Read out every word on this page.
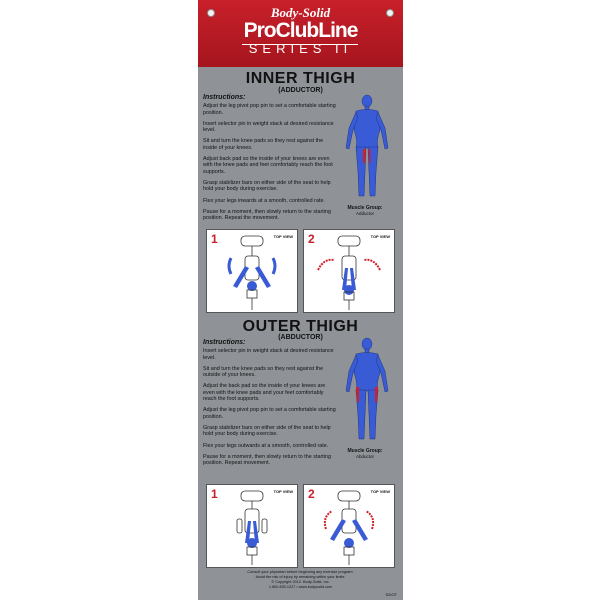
Body-Solid
ProClubLine
SERIES II
INNER THIGH
(ADDUCTOR)
Instructions:

Adjust the leg pivot pop pin to set a comfortable starting position.

Insert selector pin in weight stack at desired resistance level.

Sit and turn the knee pads so they rest against the inside of your knees.

Adjust back pad so the inside of your knees are even with the knee pads and feet comfortably reach the foot supports.

Grasp stabilizer bars on either side of the seat to help hold your body during exercise.

Flex your legs inwards at a smooth, controlled rate.

Pause for a moment, then slowly return to the starting position. Repeat the movement.

Muscle Group:
Adductor
1	TOP VIEW 2	TOP VIEW
OUTER THIGH
(ABDUCTOR)
Instructions:

Insert selector pin in weight stack at desired resistance level.

Sit and turn the knee pads so they rest against the outside of your knees.

Adjust the back pad so the inside of your knees are even with the knee pads and your feet comfortably reach the foot supports.

Adjust the leg pivot pop pin to set a comfortable starting position.

Grasp stabilizer bars on either side of the seat to help hold your body during exercise.

Flex your legs outwards at a smooth, controlled rate.

Pause for a moment, then slowly return to the starting position. Repeat movement.

Muscle Group:
Abductor
1	TOP VIEW 2	TOP VIEW
Consult your physician before beginning any exercise program.
Avoid the risk of injury by remaining within your limits.
© Copyright 2012. Body-Solid, Inc.
1.800.833.1227 • www.bodysolid.com
S2IOT
